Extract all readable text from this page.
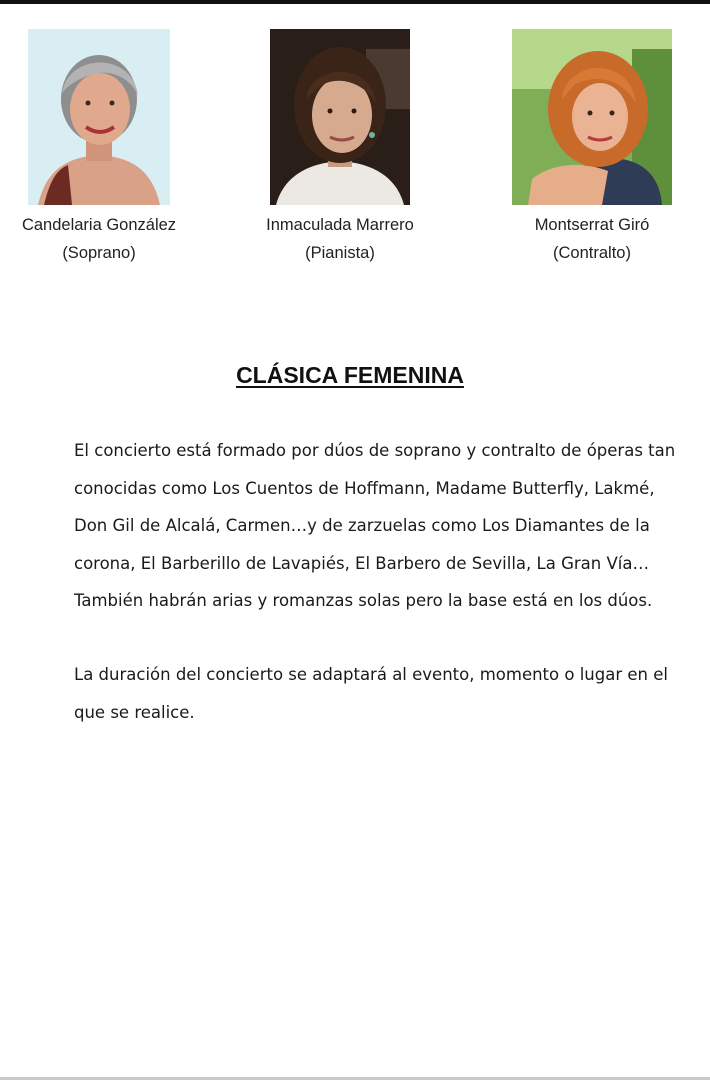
Candelaria González
(Soprano)
Inmaculada Marrero
(Pianista)
Montserrat Giró
(Contralto)
CLÁSICA FEMENINA

El concierto está formado por dúos de soprano y contralto de óperas tan conocidas como Los Cuentos de Hoffmann, Madame Butterfly, Lakmé, Don Gil de Alcalá, Carmen…y de zarzuelas como Los Diamantes de la corona, El Barberillo de Lavapiés, El Barbero de Sevilla, La Gran Vía… También habrán arias y romanzas solas pero la base está en los dúos.

La duración del concierto se adaptará al evento, momento o lugar en el que se realice.
